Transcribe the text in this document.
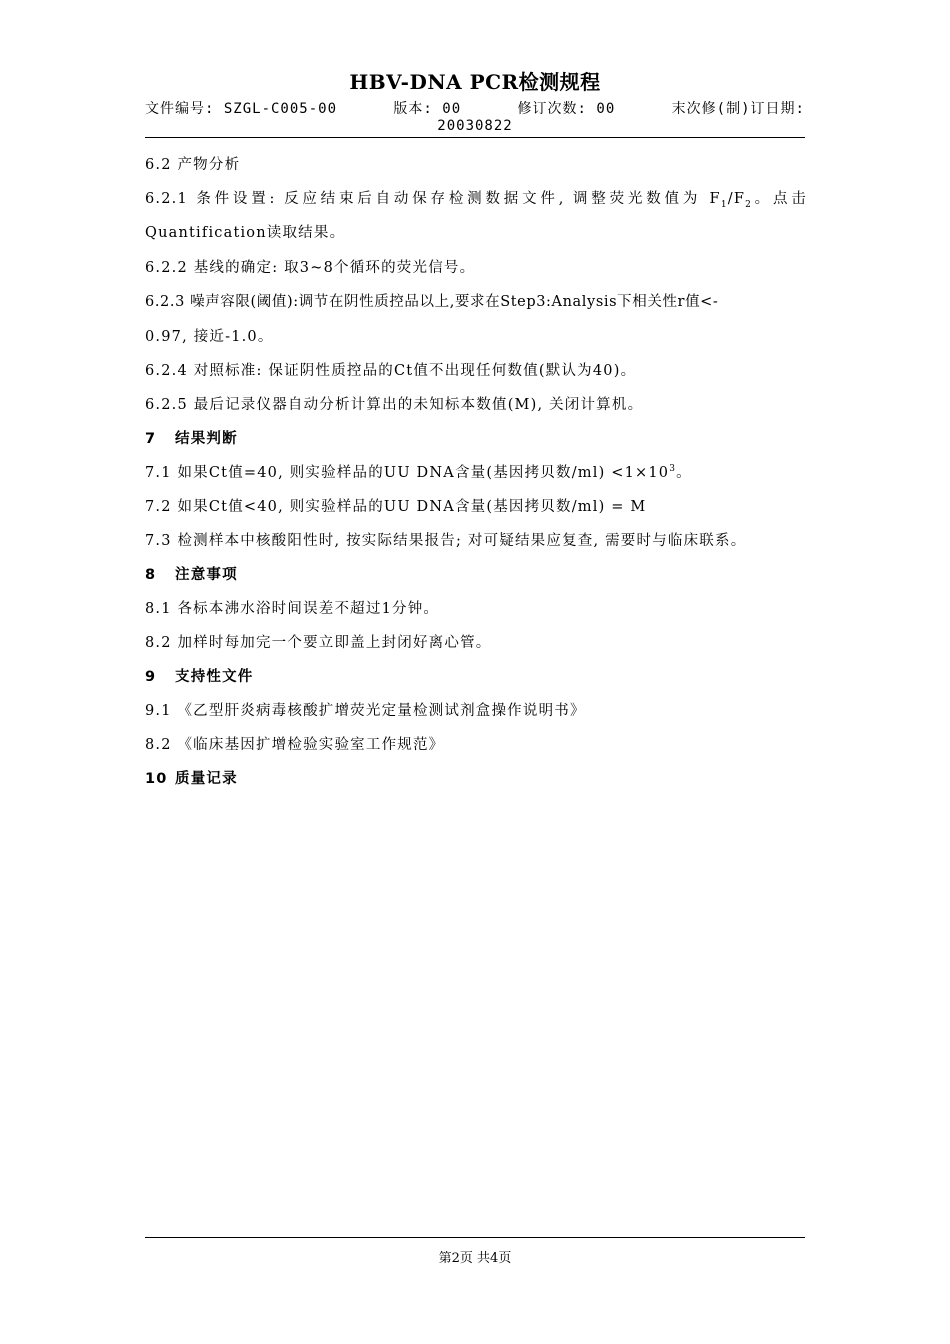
HBV-DNA PCR检测规程
文件编号: SZGL-C005-00	版本: 00	修订次数: 00	末次修(制)订日期:
20030822
6.2 产物分析
6.2.1 条件设置: 反应结束后自动保存检测数据文件, 调整荧光数值为 $F_1/F_2$。点击
Quantification读取结果。
6.2.2 基线的确定: 取3~8个循环的荧光信号。
6.2.3 噪声容限(阈值):调节在阴性质控品以上,要求在Step3:Analysis下相关性r值<-
0.97, 接近-1.0。
6.2.4 对照标准: 保证阴性质控品的Ct值不出现任何数值(默认为40)。
6.2.5 最后记录仪器自动分析计算出的未知标本数值(M), 关闭计算机。
7 结果判断
7.1 如果Ct值=40, 则实验样品的UU DNA含量(基因拷贝数$/ml) <1\times 10^3$。
7.2 如果Ct值<40, 则实验样品的UU DNA含量(基因拷贝数/ml) = M
7.3 检测样本中核酸阳性时, 按实际结果报告; 对可疑结果应复查, 需要时与临床联系。
8 注意事项
8.1 各标本沸水浴时间误差不超过1分钟。
8.2 加样时每加完一个要立即盖上封闭好离心管。
9 支持性文件
9.1 《乙型肝炎病毒核酸扩增荧光定量检测试剂盒操作说明书》
8.2 《临床基因扩增检验实验室工作规范》
10 质量记录
第2页 共4页
